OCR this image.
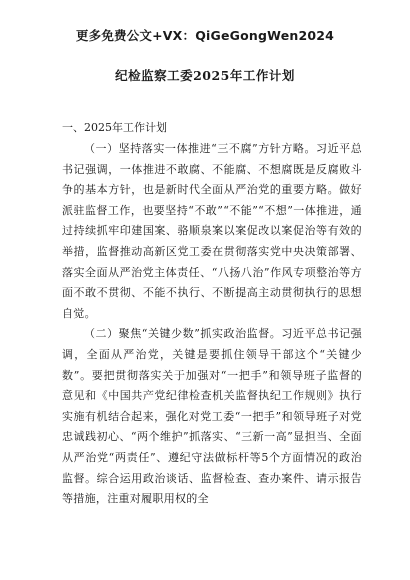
更多免费公文+VX：QiGeGongWen2024
纪检监察工委2025年工作计划
一、2025年工作计划

（一）坚持落实一体推进“三不腐”方针方略。习近平总书记强调，一体推进不敢腐、不能腐、不想腐既是反腐败斗争的基本方针，也是新时代全面从严治党的重要方略。做好派驻监督工作，也要坚持“不敢”“不能”“不想”一体推进，通过持续抓牢印建国案、骆顺泉案以案促改以案促治等有效的举措，监督推动高新区党工委在贯彻落实党中央决策部署、落实全面从严治党主体责任、“八扬八治”作风专项整治等方面不敢不贯彻、不能不执行、不断提高主动贯彻执行的思想自觉。

（二）聚焦“关键少数”抓实政治监督。习近平总书记强调，全面从严治党，关键是要抓住领导干部这个“关键少数”。要把贯彻落实关于加强对“一把手”和领导班子监督的意见和《中国共产党纪律检查机关监督执纪工作规则》执行实施有机结合起来，强化对党工委“一把手”和领导班子对党忠诚践初心、“两个维护”抓落实、“三新一高”显担当、全面从严治党“两责任”、遵纪守法做标杆等5个方面情况的政治监督。综合运用政治谈话、监督检查、查办案件、请示报告等措施，注重对履职用权的全
